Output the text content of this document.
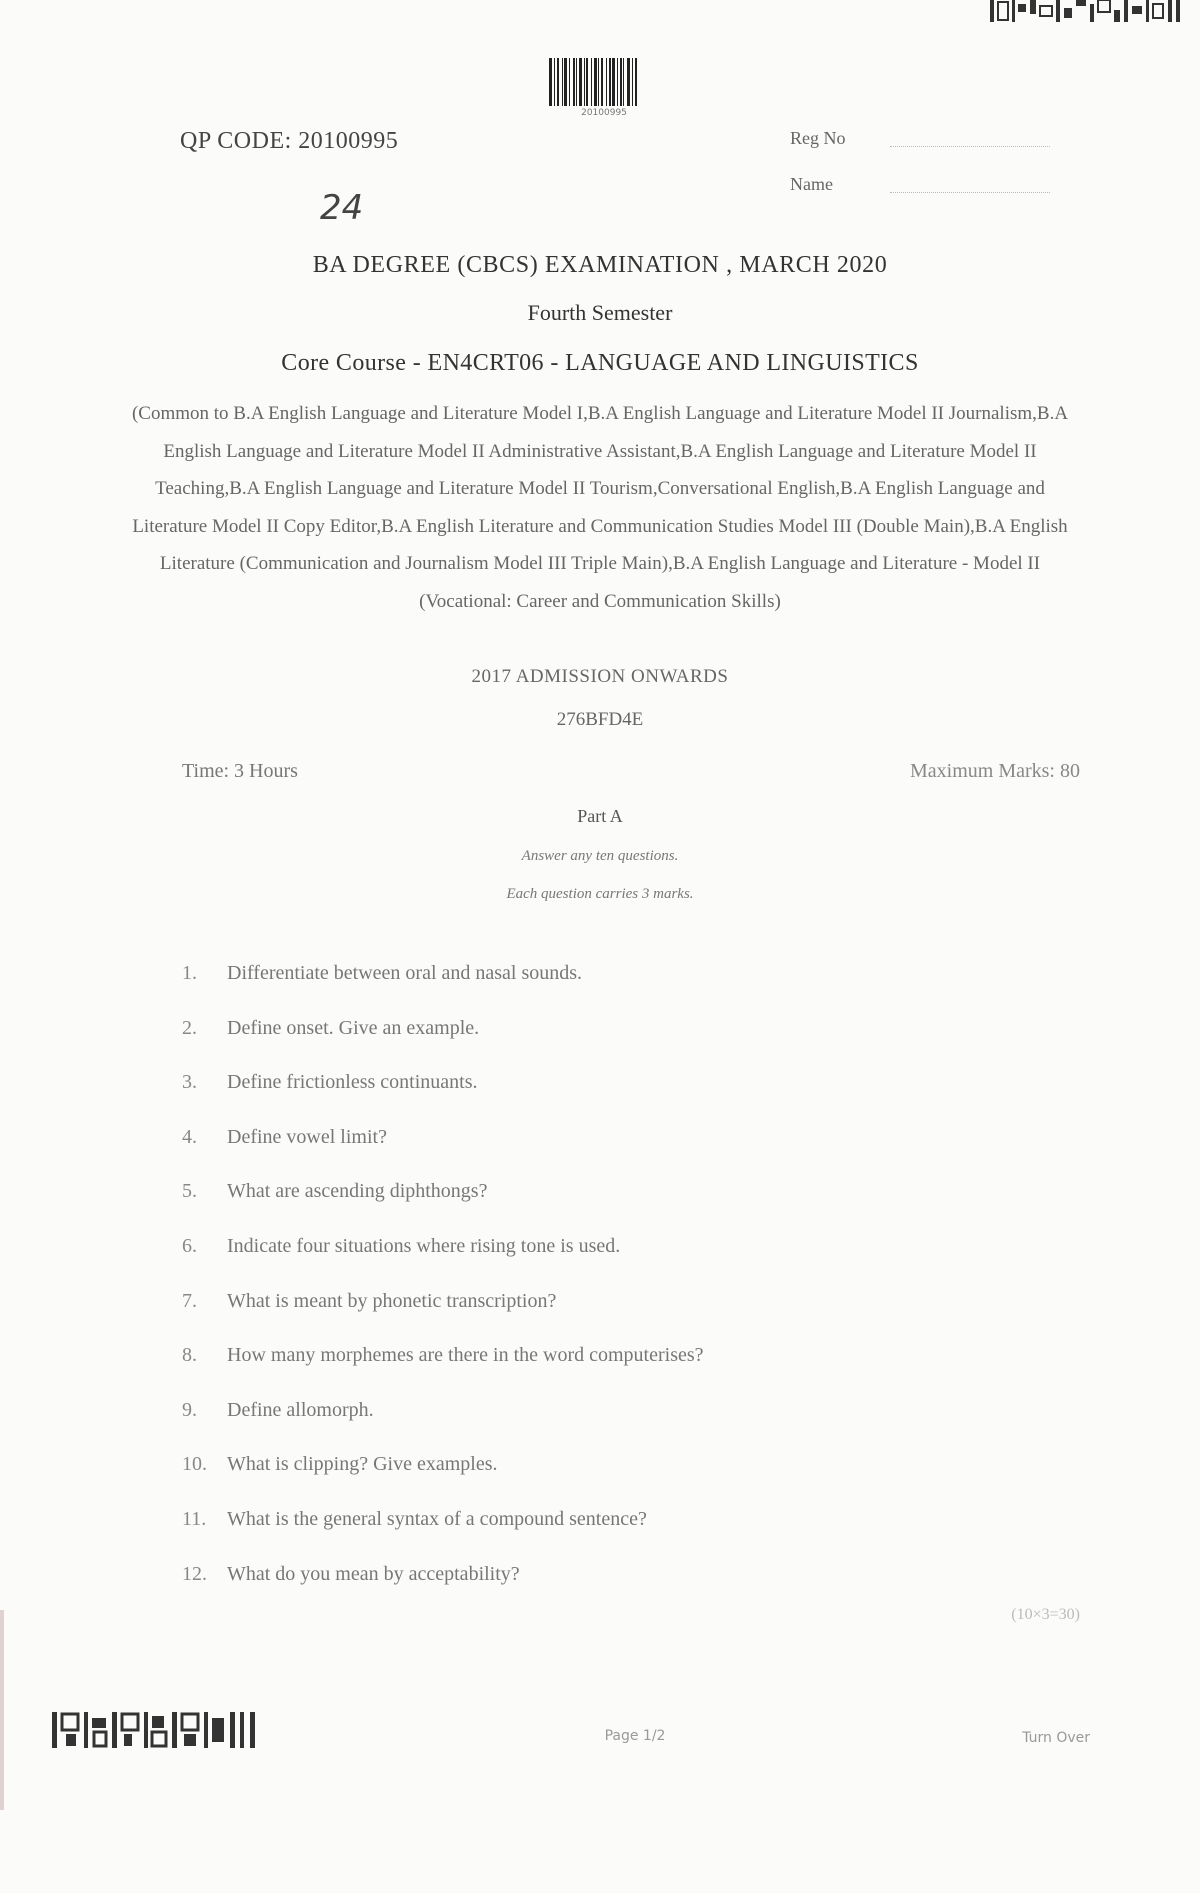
20100995
QP CODE: 20100995
24
Reg No
Name
BA DEGREE (CBCS) EXAMINATION , MARCH 2020
Fourth Semester
Core Course - EN4CRT06 - LANGUAGE AND LINGUISTICS
(Common to B.A English Language and Literature Model I,B.A English Language and Literature Model II Journalism,B.A English Language and Literature Model II Administrative Assistant,B.A English Language and Literature Model II Teaching,B.A English Language and Literature Model II Tourism,Conversational English,B.A English Language and Literature Model II Copy Editor,B.A English Literature and Communication Studies Model III (Double Main),B.A English Literature (Communication and Journalism Model III Triple Main),B.A English Language and Literature - Model II (Vocational: Career and Communication Skills)
2017 ADMISSION ONWARDS
276BFD4E
Time: 3 Hours	Maximum Marks: 80
Part A
Answer any ten questions.
Each question carries 3 marks.
1.	Differentiate between oral and nasal sounds.
2.	Define onset. Give an example.
3.	Define frictionless continuants.
4.	Define vowel limit?
5.	What are ascending diphthongs?
6.	Indicate four situations where rising tone is used.
7.	What is meant by phonetic transcription?
8.	How many morphemes are there in the word computerises?
9.	Define allomorph.
10.	What is clipping? Give examples.
11.	What is the general syntax of a compound sentence?
12.	What do you mean by acceptability?
(10×3=30)
Page 1/2	Turn Over
